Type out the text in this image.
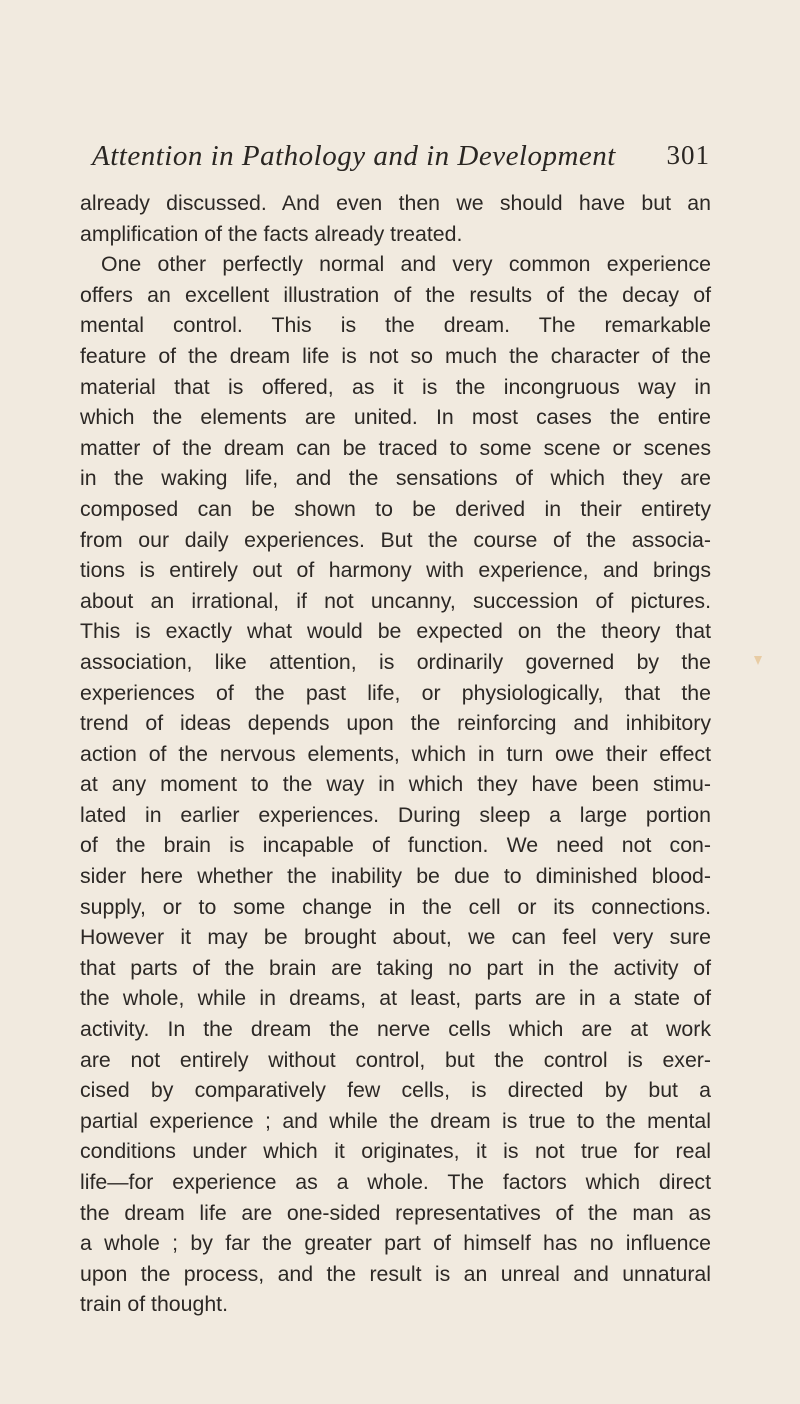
Attention in Pathology and in Development 301
already discussed. And even then we should have but an
amplification of the facts already treated.
One other perfectly normal and very common experience
offers an excellent illustration of the results of the decay of
mental control. This is the dream. The remarkable
feature of the dream life is not so much the character of the
material that is offered, as it is the incongruous way in
which the elements are united. In most cases the entire
matter of the dream can be traced to some scene or scenes
in the waking life, and the sensations of which they are
composed can be shown to be derived in their entirety
from our daily experiences. But the course of the associa-
tions is entirely out of harmony with experience, and brings
about an irrational, if not uncanny, succession of pictures.
This is exactly what would be expected on the theory that
association, like attention, is ordinarily governed by the
experiences of the past life, or physiologically, that the
trend of ideas depends upon the reinforcing and inhibitory
action of the nervous elements, which in turn owe their effect
at any moment to the way in which they have been stimu-
lated in earlier experiences. During sleep a large portion
of the brain is incapable of function. We need not con-
sider here whether the inability be due to diminished blood-
supply, or to some change in the cell or its connections.
However it may be brought about, we can feel very sure
that parts of the brain are taking no part in the activity of
the whole, while in dreams, at least, parts are in a state of
activity. In the dream the nerve cells which are at work
are not entirely without control, but the control is exer-
cised by comparatively few cells, is directed by but a
partial experience ; and while the dream is true to the mental
conditions under which it originates, it is not true for real
life—for experience as a whole. The factors which direct
the dream life are one-sided representatives of the man as
a whole ; by far the greater part of himself has no influence
upon the process, and the result is an unreal and unnatural
train of thought.
